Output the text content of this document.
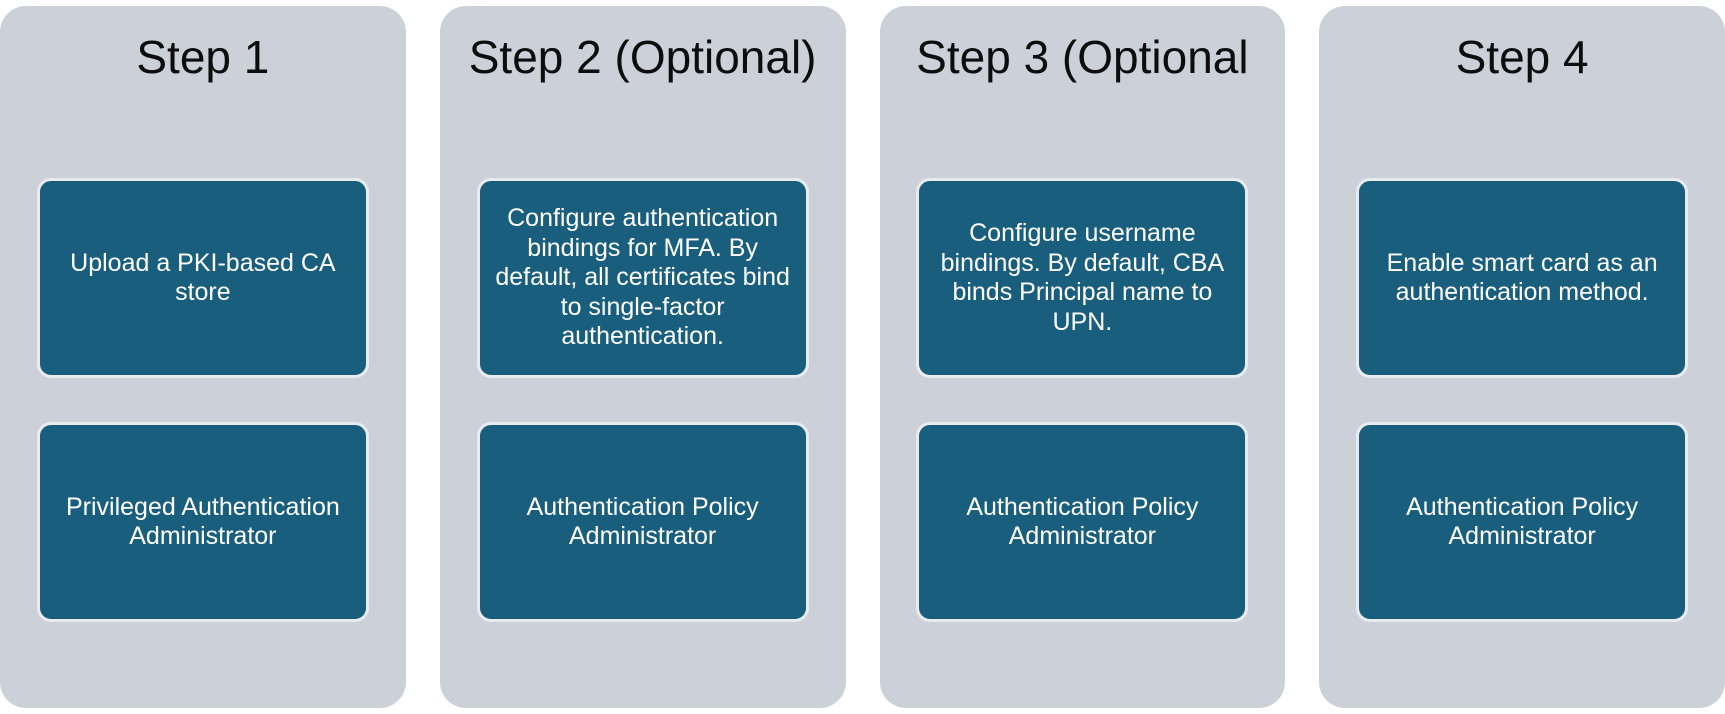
Step 1
Upload a PKI-based CA store
Privileged Authentication Administrator
Step 2 (Optional)
Configure authentication bindings for MFA. By default, all certificates bind to single-factor authentication.
Authentication Policy Administrator
Step 3 (Optional
Configure username bindings. By default, CBA binds Principal name to UPN.
Authentication Policy Administrator
Step 4
Enable smart card as an authentication method.
Authentication Policy Administrator
